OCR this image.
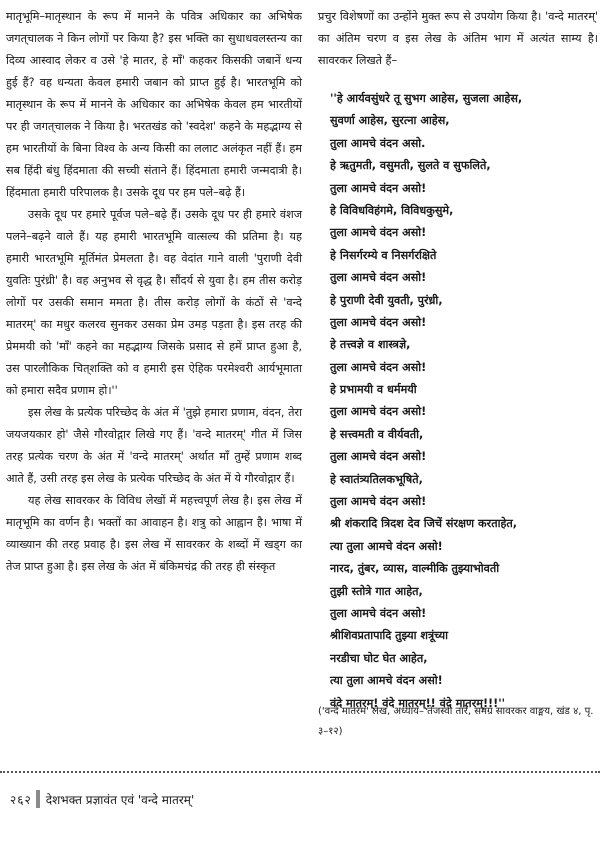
मातृभूमि–मातृस्थान के रूप में मानने के पवित्र अधिकार का अभिषेक जगत्‌चालक ने किन लोगों पर किया है? इस भक्ति का सुधाधवलस्तन्य का दिव्य आस्वाद लेकर व उसे 'हे मातर, हे माँ' कहकर किसकी जबानें धन्य हुई हैं? वह धन्यता केवल हमारी जबान को प्राप्त हुई है। भारतभूमि को मातृस्थान के रूप में मानने के अधिकार का अभिषेक केवल हम भारतीयों पर ही जगत्‌चालक ने किया है। भरतखंड को 'स्वदेश' कहने के महद्भाग्य से हम भारतीयों के बिना विश्व के अन्य किसी का ललाट अलंकृत नहीं हैं। हम सब हिंदी बंधु हिंदमाता की सच्ची संताने हैं। हिंदमाता हमारी जन्मदात्री है। हिंदमाता हमारी परिपालक है। उसके दूध पर हम पले–बढ़े हैं।

उसके दूध पर हमारे पूर्वज पले–बढ़े हैं। उसके दूध पर ही हमारे वंशज पलने–बढ़ने वाले हैं। यह हमारी भारतभूमि वात्सल्य की प्रतिमा है। यह हमारी भारतभूमि मूर्तिमंत प्रेमलता है। वह वेदांत गाने वाली 'पुराणी देवी युवतिः पुरंध्री' है। वह अनुभव से वृद्ध है। सौंदर्य से युवा है। हम तीस करोड़ लोगों पर उसकी समान ममता है। तीस करोड़ लोगों के कंठों से 'वन्दे मातरम्' का मधुर कलरव सुनकर उसका प्रेम उमड़ पड़ता है। इस तरह की प्रेममयी को 'माँ' कहने का महद्भाग्य जिसके प्रसाद से हमें प्राप्त हुआ है, उस पारलौकिक चित्‌शक्ति को व हमारी इस ऐहिक परमेश्वरी आर्यभूमाता को हमारा सदैव प्रणाम हो।''

इस लेख के प्रत्येक परिच्छेद के अंत में 'तुझे हमारा प्रणाम, वंदन, तेरा जयजयकार हो' जैसे गौरवोद्गार लिखे गए हैं। 'वन्दे मातरम्' गीत में जिस तरह प्रत्येक चरण के अंत में 'वन्दे मातरम्' अर्थात माँ तुम्हें प्रणाम शब्द आते हैं, उसी तरह इस लेख के प्रत्येक परिच्छेद के अंत में ये गौरवोद्गार हैं।

यह लेख सावरकर के विविध लेखों में महत्त्वपूर्ण लेख है। इस लेख में मातृभूमि का वर्णन है। भक्तों का आवाहन है। शत्रु को आह्वान है। भाषा में व्याख्यान की तरह प्रवाह है। इस लेख में सावरकर के शब्दों में खड्ग का तेज प्राप्त हुआ है। इस लेख के अंत में बंकिमचंद्र की तरह ही संस्कृत

प्रचुर विशेषणों का उन्होंने मुक्त रूप से उपयोग किया है। 'वन्दे मातरम्' का अंतिम चरण व इस लेख के अंतिम भाग में अत्यंत साम्य है। सावरकर लिखते हैं–

''हे आर्यवसुंधरे तू सुभग आहेस, सुजला आहेस,
सुवर्णा आहेस, सुरत्ना आहेस,
तुला आमचे वंदन असो.
हे ऋतुमती, वसुमती, सुलते व सुफलिते,
तुला आमचे वंदन असो!
हे विविधविहंगमे, विविधकुसुमे,
तुला आमचे वंदन असो!
हे निसर्गरम्ये व निसर्गरक्षिते
तुला आमचे वंदन असो!
हे पुराणी देवी युवती, पुरंध्री,
तुला आमचे वंदन असो!
हे तत्त्वज्ञे व शास्त्रज्ञे,
तुला आमचे वंदन असो!
हे प्रभामयी व धर्ममयी
तुला आमचे वंदन असो!
हे सत्त्वमती व वीर्यवती,
तुला आमचे वंदन असो!
हे स्वातंत्र्यतिलकभूषिते,
तुला आमचे वंदन असो!
श्री शंकरादि त्रिदश देव जिचें संरक्षण करताहेत,
त्या तुला आमचे वंदन असो!
नारद, तुंबर, व्यास, वाल्मीकि तुझ्याभोवती
तुझी स्तोत्रे गात आहेत,
तुला आमचे वंदन असो!
श्रीशिवप्रतापादि तुझ्या शत्रूंच्या
नरडीचा घोट घेत आहेत,
त्या तुला आमचे वंदन असो!
वंदे मातरम्! वंदे मातरम्!! वंदे मातरम्!!!''

('वन्दे मातरम' लेख, अध्याय– तेजस्वी तारे, समग्र सावरकर वाङ्मय, खंड ४, पृ. ३–१२)

२६२ देशभक्त प्रज्ञावंत एवं 'वन्दे मातरम्'
